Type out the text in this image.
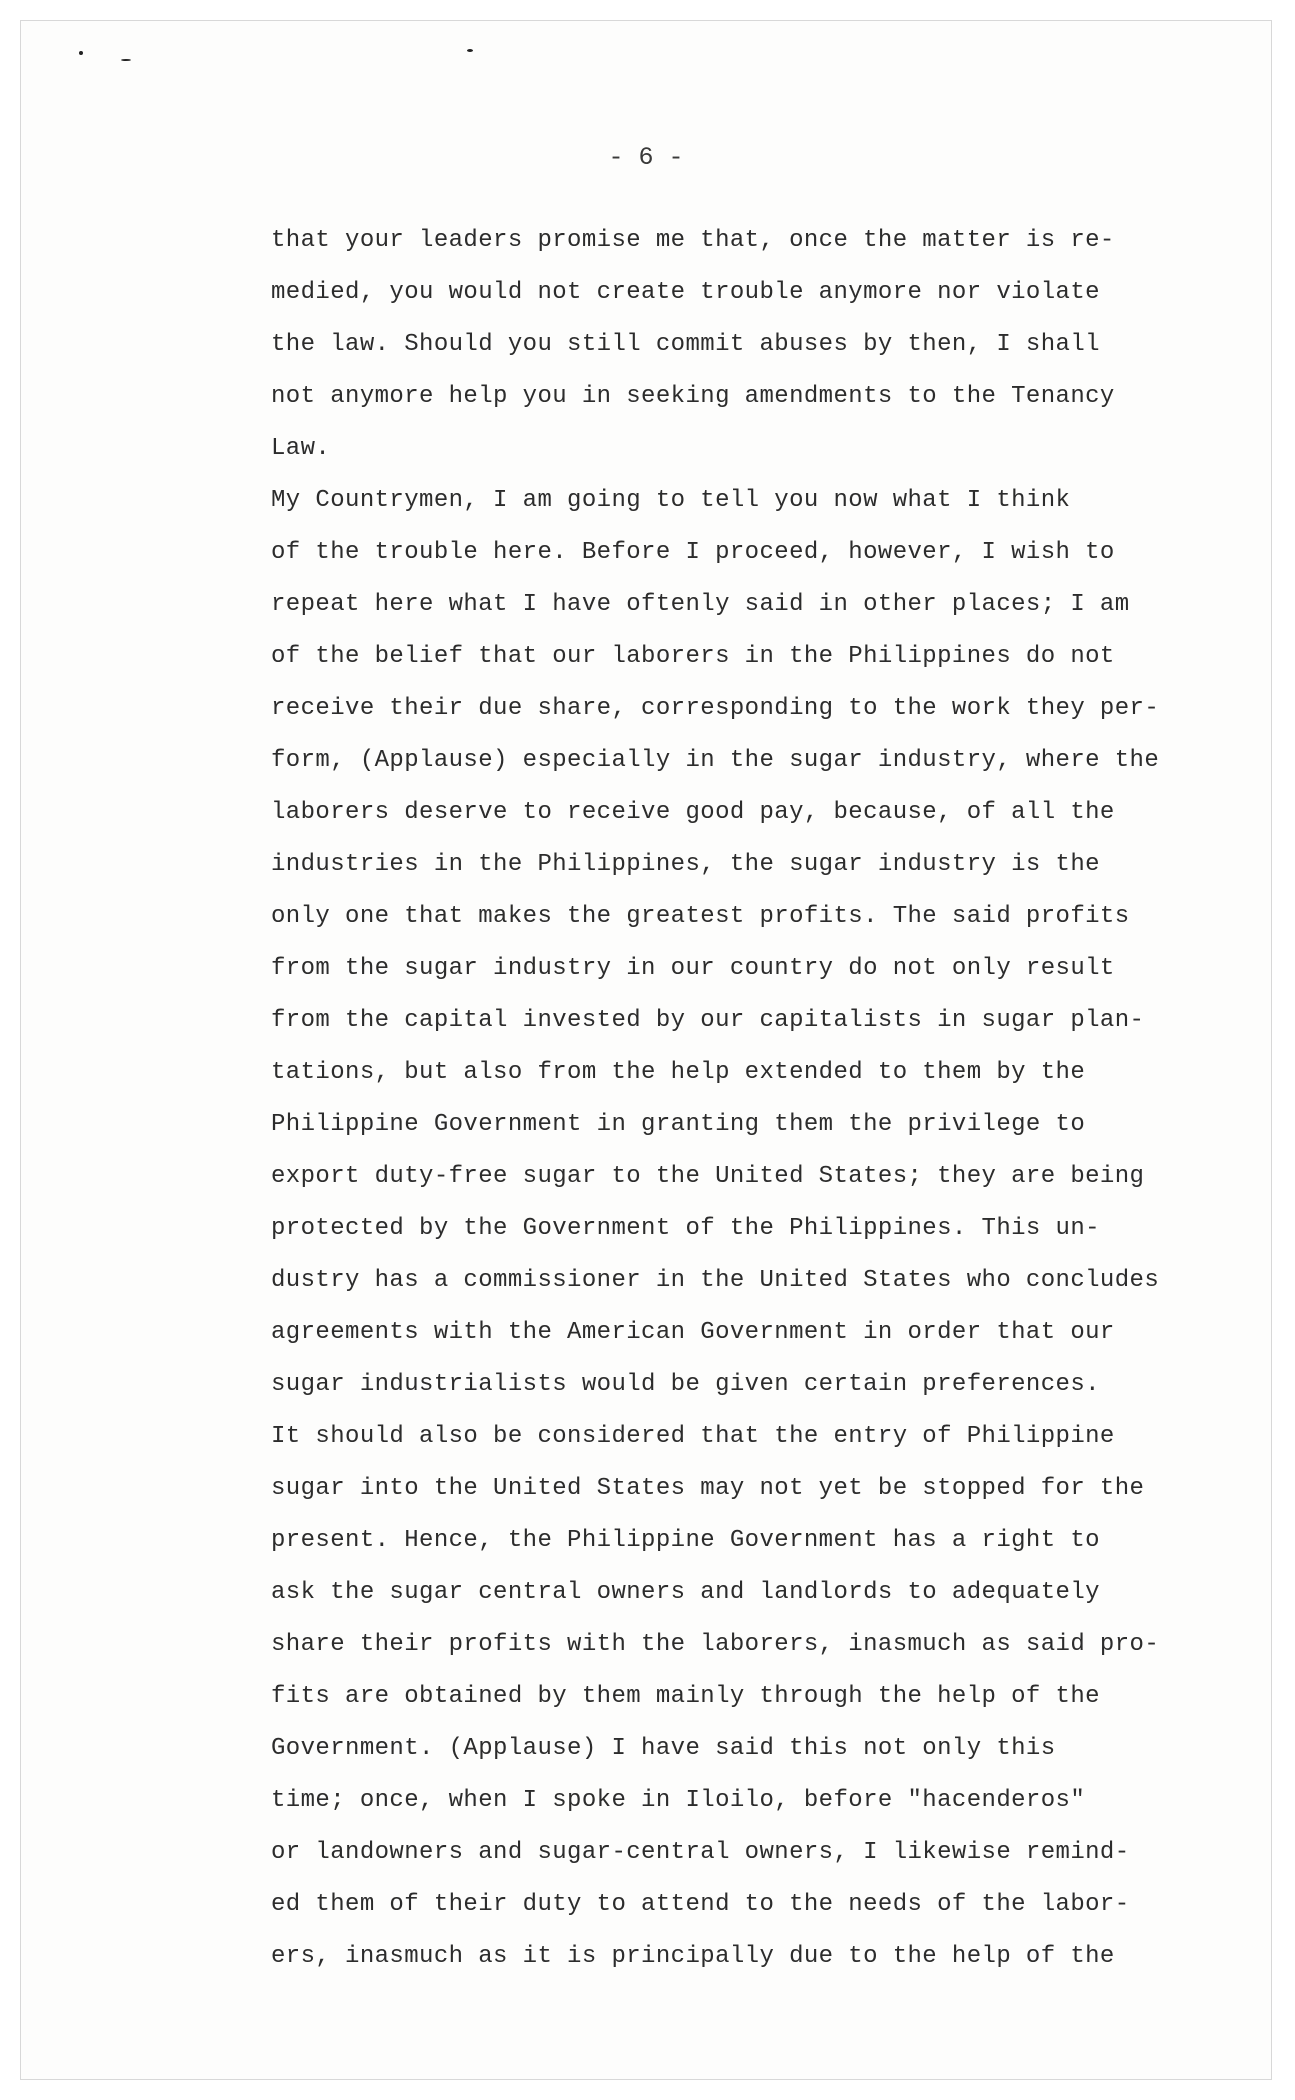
- 6 -
that your leaders promise me that, once the matter is re-
medied, you would not create trouble anymore nor violate
the law. Should you still commit abuses by then, I shall
not anymore help you in seeking amendments to the Tenancy
Law.
My Countrymen, I am going to tell you now what I think
of the trouble here. Before I proceed, however, I wish to
repeat here what I have oftenly said in other places; I am
of the belief that our laborers in the Philippines do not
receive their due share, corresponding to the work they per-
form, (Applause) especially in the sugar industry, where the
laborers deserve to receive good pay, because, of all the
industries in the Philippines, the sugar industry is the
only one that makes the greatest profits. The said profits
from the sugar industry in our country do not only result
from the capital invested by our capitalists in sugar plan-
tations, but also from the help extended to them by the
Philippine Government in granting them the privilege to
export duty-free sugar to the United States; they are being
protected by the Government of the Philippines. This un-
dustry has a commissioner in the United States who concludes
agreements with the American Government in order that our
sugar industrialists would be given certain preferences.
It should also be considered that the entry of Philippine
sugar into the United States may not yet be stopped for the
present. Hence, the Philippine Government has a right to
ask the sugar central owners and landlords to adequately
share their profits with the laborers, inasmuch as said pro-
fits are obtained by them mainly through the help of the
Government. (Applause) I have said this not only this
time; once, when I spoke in Iloilo, before "hacenderos"
or landowners and sugar-central owners, I likewise remind-
ed them of their duty to attend to the needs of the labor-
ers, inasmuch as it is principally due to the help of the
